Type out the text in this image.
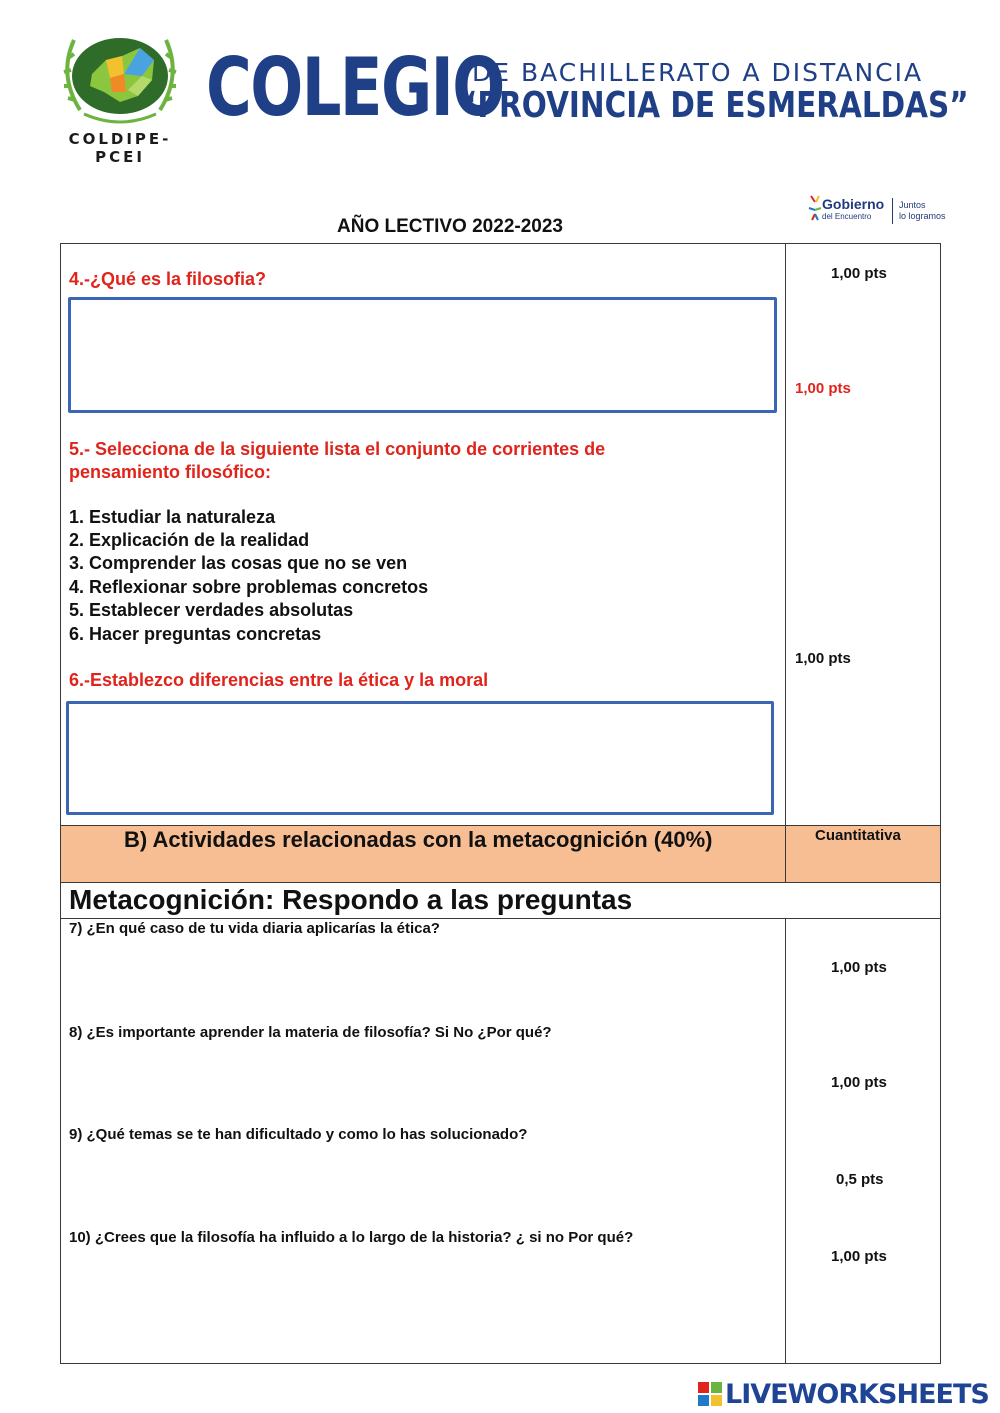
COLDIPE-PCEI
COLEGIO
DE BACHILLERATO A DISTANCIA
“PROVINCIA DE ESMERALDAS”
Gobierno
del Encuentro
Juntos
lo logramos
AÑO LECTIVO 2022-2023
4.-¿Qué es la filosofia?	1,00 pts
1,00 pts
5.- Selecciona de la siguiente lista el conjunto de corrientes de
pensamiento filosófico:
1. Estudiar la naturaleza
2. Explicación de la realidad
3. Comprender las cosas que no se ven
4. Reflexionar sobre problemas concretos
5. Establecer verdades absolutas
6. Hacer preguntas concretas
1,00 pts
6.-Establezco diferencias entre la ética y la moral
B) Actividades relacionadas con la metacognición (40%)	Cuantitativa
Metacognición: Respondo a las preguntas
7) ¿En qué caso de tu vida diaria aplicarías la ética?
1,00 pts
8) ¿Es importante aprender la materia de filosofía? Si No ¿Por qué?
1,00 pts
9) ¿Qué temas se te han dificultado y como lo has solucionado?
0,5 pts
10) ¿Crees que la filosofía ha influido a lo largo de la historia? ¿ si no Por qué?
1,00 pts
LIVEWORKSHEETS
